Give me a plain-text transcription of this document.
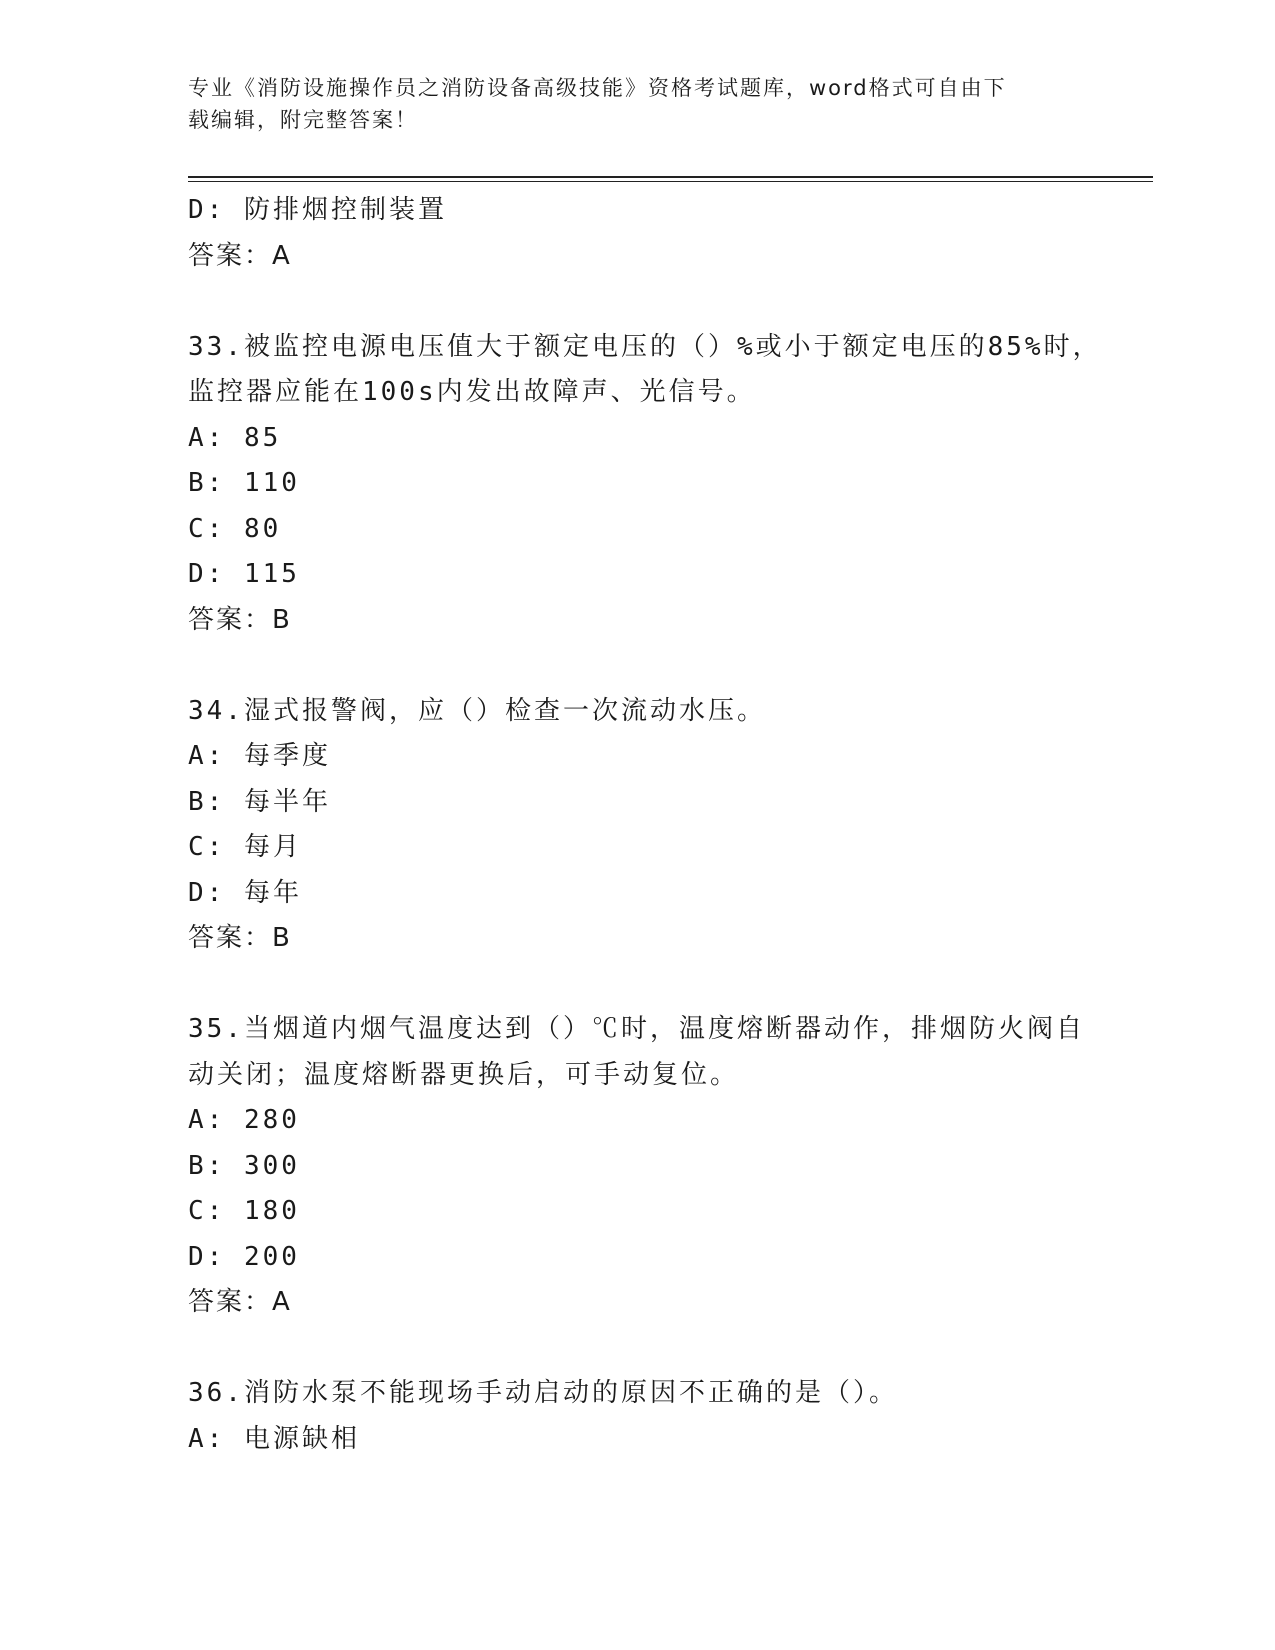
专业《消防设施操作员之消防设备高级技能》资格考试题库，word格式可自由下
载编辑，附完整答案！
D: 防排烟控制装置
答案：A
33.被监控电源电压值大于额定电压的（）%或小于额定电压的85%时，
监控器应能在100s内发出故障声、光信号。
A: 85
B: 110
C: 80
D: 115
答案：B
34.湿式报警阀，应（）检查一次流动水压。
A: 每季度
B: 每半年
C: 每月
D: 每年
答案：B
35.当烟道内烟气温度达到（）℃时，温度熔断器动作，排烟防火阀自
动关闭；温度熔断器更换后，可手动复位。
A: 280
B: 300
C: 180
D: 200
答案：A
36.消防水泵不能现场手动启动的原因不正确的是（）。
A: 电源缺相
